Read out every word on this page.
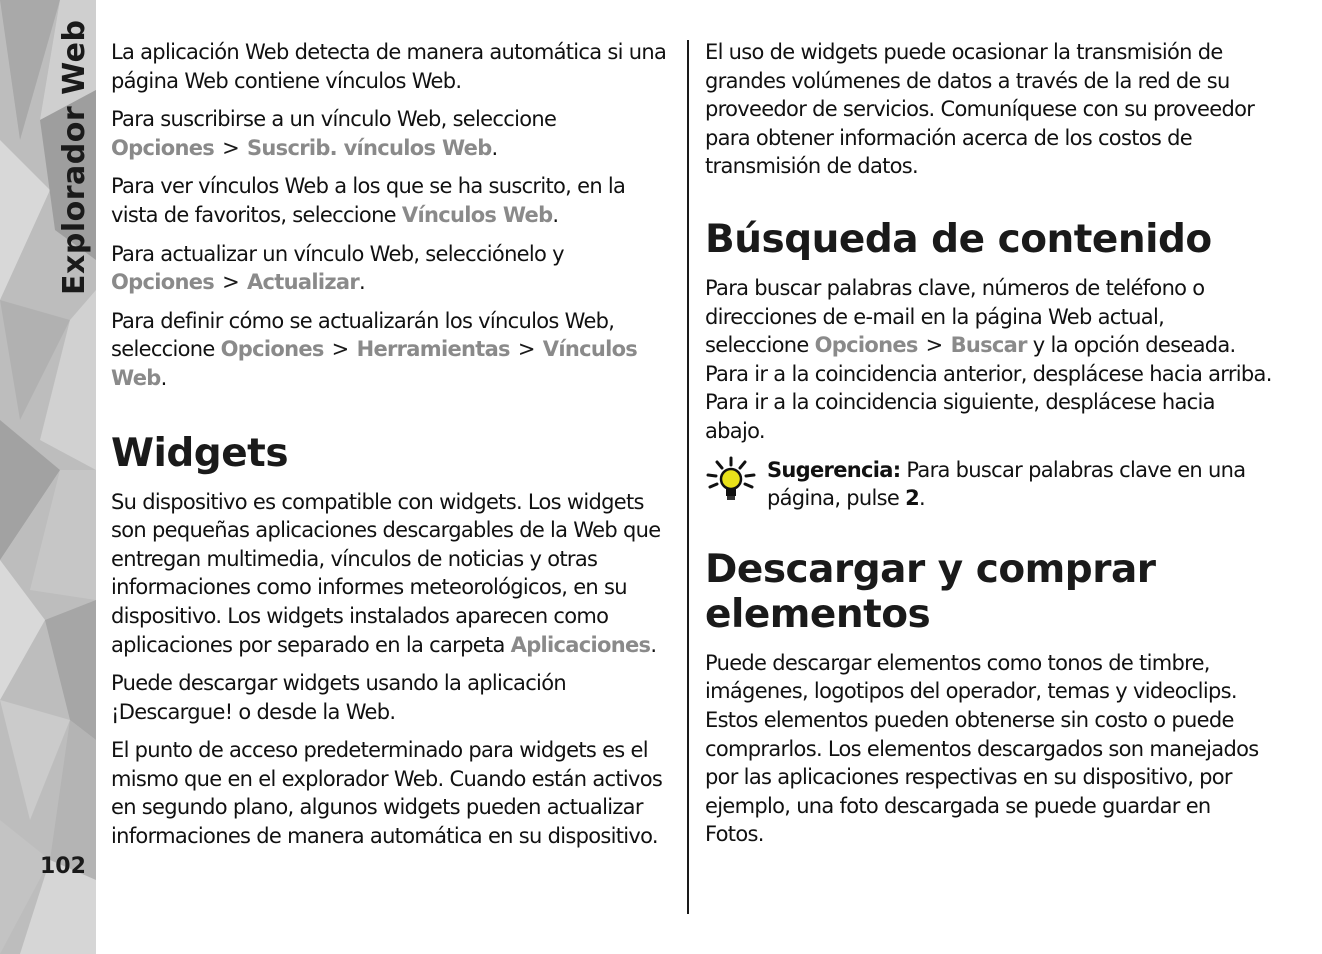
Explorador Web
102

La aplicación Web detecta de manera automática si una página Web contiene vínculos Web.

Para suscribirse a un vínculo Web, seleccione Opciones > Suscrib. vínculos Web.

Para ver vínculos Web a los que se ha suscrito, en la vista de favoritos, seleccione Vínculos Web.

Para actualizar un vínculo Web, selecciónelo y Opciones > Actualizar.

Para definir cómo se actualizarán los vínculos Web, seleccione Opciones > Herramientas > Vínculos Web.

Widgets

Su dispositivo es compatible con widgets. Los widgets son pequeñas aplicaciones descargables de la Web que entregan multimedia, vínculos de noticias y otras informaciones como informes meteorológicos, en su dispositivo. Los widgets instalados aparecen como aplicaciones por separado en la carpeta Aplicaciones.

Puede descargar widgets usando la aplicación ¡Descargue! o desde la Web.

El punto de acceso predeterminado para widgets es el mismo que en el explorador Web. Cuando están activos en segundo plano, algunos widgets pueden actualizar informaciones de manera automática en su dispositivo.

El uso de widgets puede ocasionar la transmisión de grandes volúmenes de datos a través de la red de su proveedor de servicios. Comuníquese con su proveedor para obtener información acerca de los costos de transmisión de datos.

Búsqueda de contenido

Para buscar palabras clave, números de teléfono o direcciones de e-mail en la página Web actual, seleccione Opciones > Buscar y la opción deseada. Para ir a la coincidencia anterior, desplácese hacia arriba. Para ir a la coincidencia siguiente, desplácese hacia abajo.

Sugerencia: Para buscar palabras clave en una página, pulse 2.
Descargar y comprar elementos

Puede descargar elementos como tonos de timbre, imágenes, logotipos del operador, temas y videoclips. Estos elementos pueden obtenerse sin costo o puede comprarlos. Los elementos descargados son manejados por las aplicaciones respectivas en su dispositivo, por ejemplo, una foto descargada se puede guardar en Fotos.
